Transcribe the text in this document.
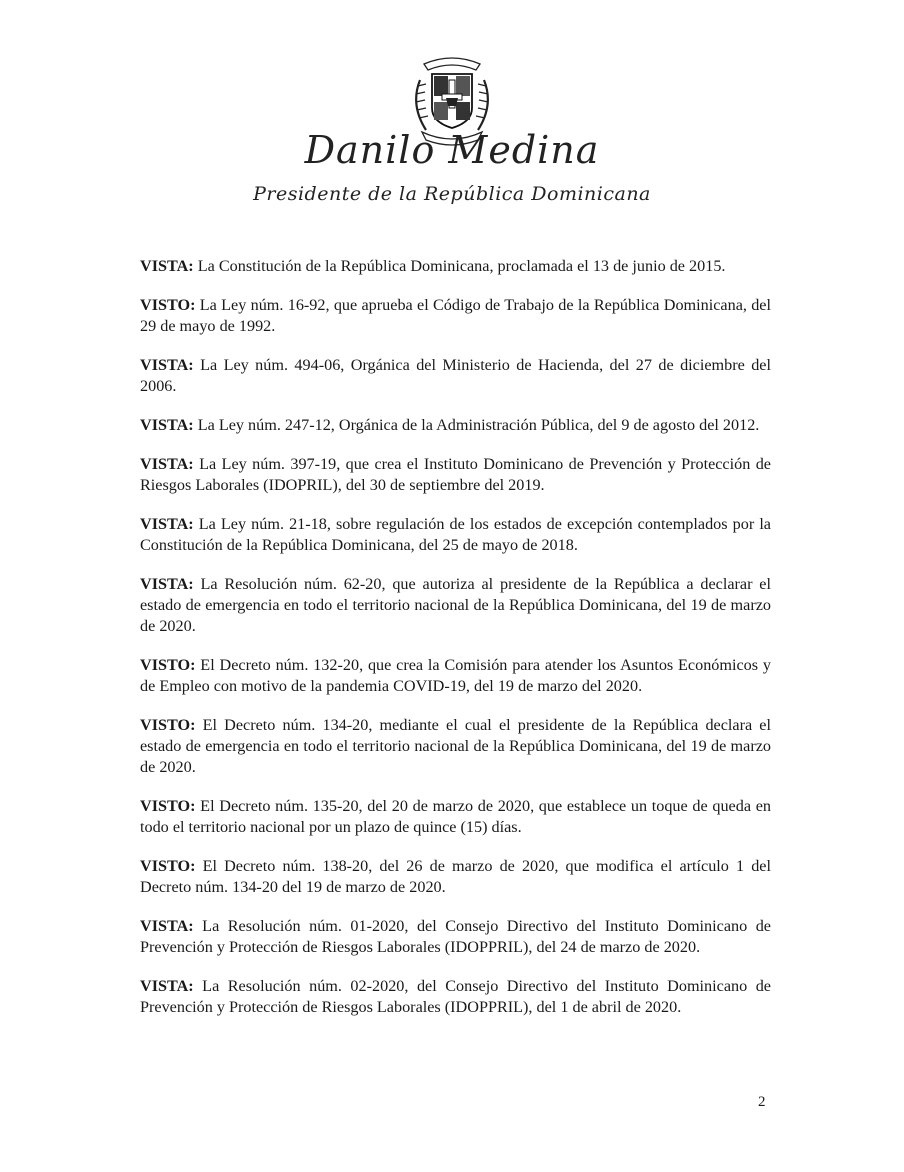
Danilo Medina
Presidente de la República Dominicana

VISTA: La Constitución de la República Dominicana, proclamada el 13 de junio de 2015.

VISTO: La Ley núm. 16-92, que aprueba el Código de Trabajo de la República Dominicana, del 29 de mayo de 1992.

VISTA: La Ley núm. 494-06, Orgánica del Ministerio de Hacienda, del 27 de diciembre del 2006.

VISTA: La Ley núm. 247-12, Orgánica de la Administración Pública, del 9 de agosto del 2012.

VISTA: La Ley núm. 397-19, que crea el Instituto Dominicano de Prevención y Protección de Riesgos Laborales (IDOPRIL), del 30 de septiembre del 2019.

VISTA: La Ley núm. 21-18, sobre regulación de los estados de excepción contemplados por la Constitución de la República Dominicana, del 25 de mayo de 2018.

VISTA: La Resolución núm. 62-20, que autoriza al presidente de la República a declarar el estado de emergencia en todo el territorio nacional de la República Dominicana, del 19 de marzo de 2020.

VISTO: El Decreto núm. 132-20, que crea la Comisión para atender los Asuntos Económicos y de Empleo con motivo de la pandemia COVID-19, del 19 de marzo del 2020.

VISTO: El Decreto núm. 134-20, mediante el cual el presidente de la República declara el estado de emergencia en todo el territorio nacional de la República Dominicana, del 19 de marzo de 2020.

VISTO: El Decreto núm. 135-20, del 20 de marzo de 2020, que establece un toque de queda en todo el territorio nacional por un plazo de quince (15) días.

VISTO: El Decreto núm. 138-20, del 26 de marzo de 2020, que modifica el artículo 1 del Decreto núm. 134-20 del 19 de marzo de 2020.

VISTA: La Resolución núm. 01-2020, del Consejo Directivo del Instituto Dominicano de Prevención y Protección de Riesgos Laborales (IDOPPRIL), del 24 de marzo de 2020.

VISTA: La Resolución núm. 02-2020, del Consejo Directivo del Instituto Dominicano de Prevención y Protección de Riesgos Laborales (IDOPPRIL), del 1 de abril de 2020.

2
